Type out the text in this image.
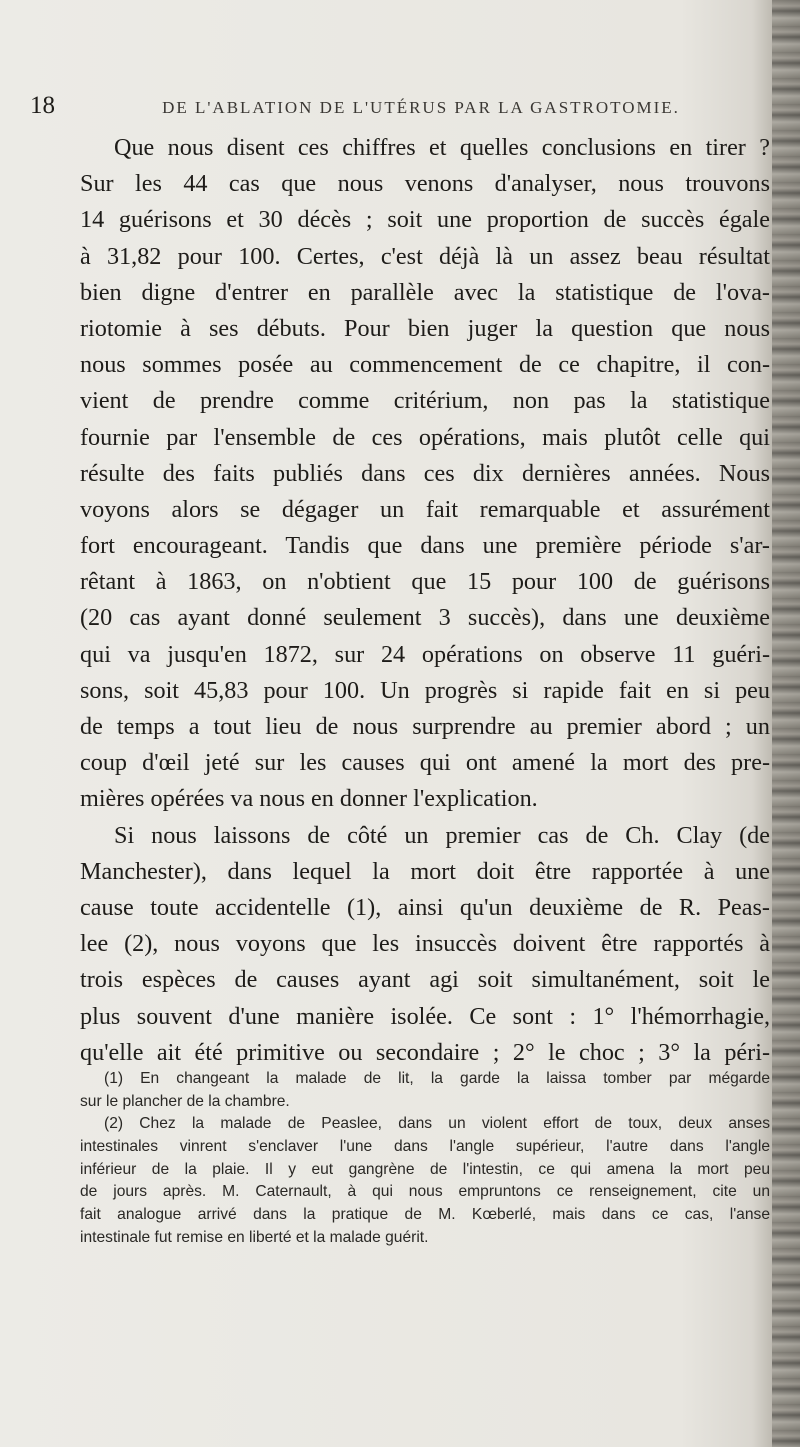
18	DE L'ABLATION DE L'UTÉRUS PAR LA GASTROTOMIE.
Que nous disent ces chiffres et quelles conclusions en tirer ?
Sur les 44 cas que nous venons d'analyser, nous trouvons
14 guérisons et 30 décès ; soit une proportion de succès égale
à 31,82 pour 100. Certes, c'est déjà là un assez beau résultat
bien digne d'entrer en parallèle avec la statistique de l'ova-
riotomie à ses débuts. Pour bien juger la question que nous
nous sommes posée au commencement de ce chapitre, il con-
vient de prendre comme critérium, non pas la statistique
fournie par l'ensemble de ces opérations, mais plutôt celle qui
résulte des faits publiés dans ces dix dernières années. Nous
voyons alors se dégager un fait remarquable et assurément
fort encourageant. Tandis que dans une première période s'ar-
rêtant à 1863, on n'obtient que 15 pour 100 de guérisons
(20 cas ayant donné seulement 3 succès), dans une deuxième
qui va jusqu'en 1872, sur 24 opérations on observe 11 guéri-
sons, soit 45,83 pour 100. Un progrès si rapide fait en si peu
de temps a tout lieu de nous surprendre au premier abord ; un
coup d'œil jeté sur les causes qui ont amené la mort des pre-
mières opérées va nous en donner l'explication.
Si nous laissons de côté un premier cas de Ch. Clay (de
Manchester), dans lequel la mort doit être rapportée à une
cause toute accidentelle (1), ainsi qu'un deuxième de R. Peas-
lee (2), nous voyons que les insuccès doivent être rapportés à
trois espèces de causes ayant agi soit simultanément, soit le
plus souvent d'une manière isolée. Ce sont : 1° l'hémorrhagie,
qu'elle ait été primitive ou secondaire ; 2° le choc ; 3° la péri-
(1) En changeant la malade de lit, la garde la laissa tomber par mégarde
sur le plancher de la chambre.
(2) Chez la malade de Peaslee, dans un violent effort de toux, deux anses
intestinales vinrent s'enclaver l'une dans l'angle supérieur, l'autre dans l'angle
inférieur de la plaie. Il y eut gangrène de l'intestin, ce qui amena la mort peu
de jours après. M. Caternault, à qui nous empruntons ce renseignement, cite un
fait analogue arrivé dans la pratique de M. Kœberlé, mais dans ce cas, l'anse
intestinale fut remise en liberté et la malade guérit.
